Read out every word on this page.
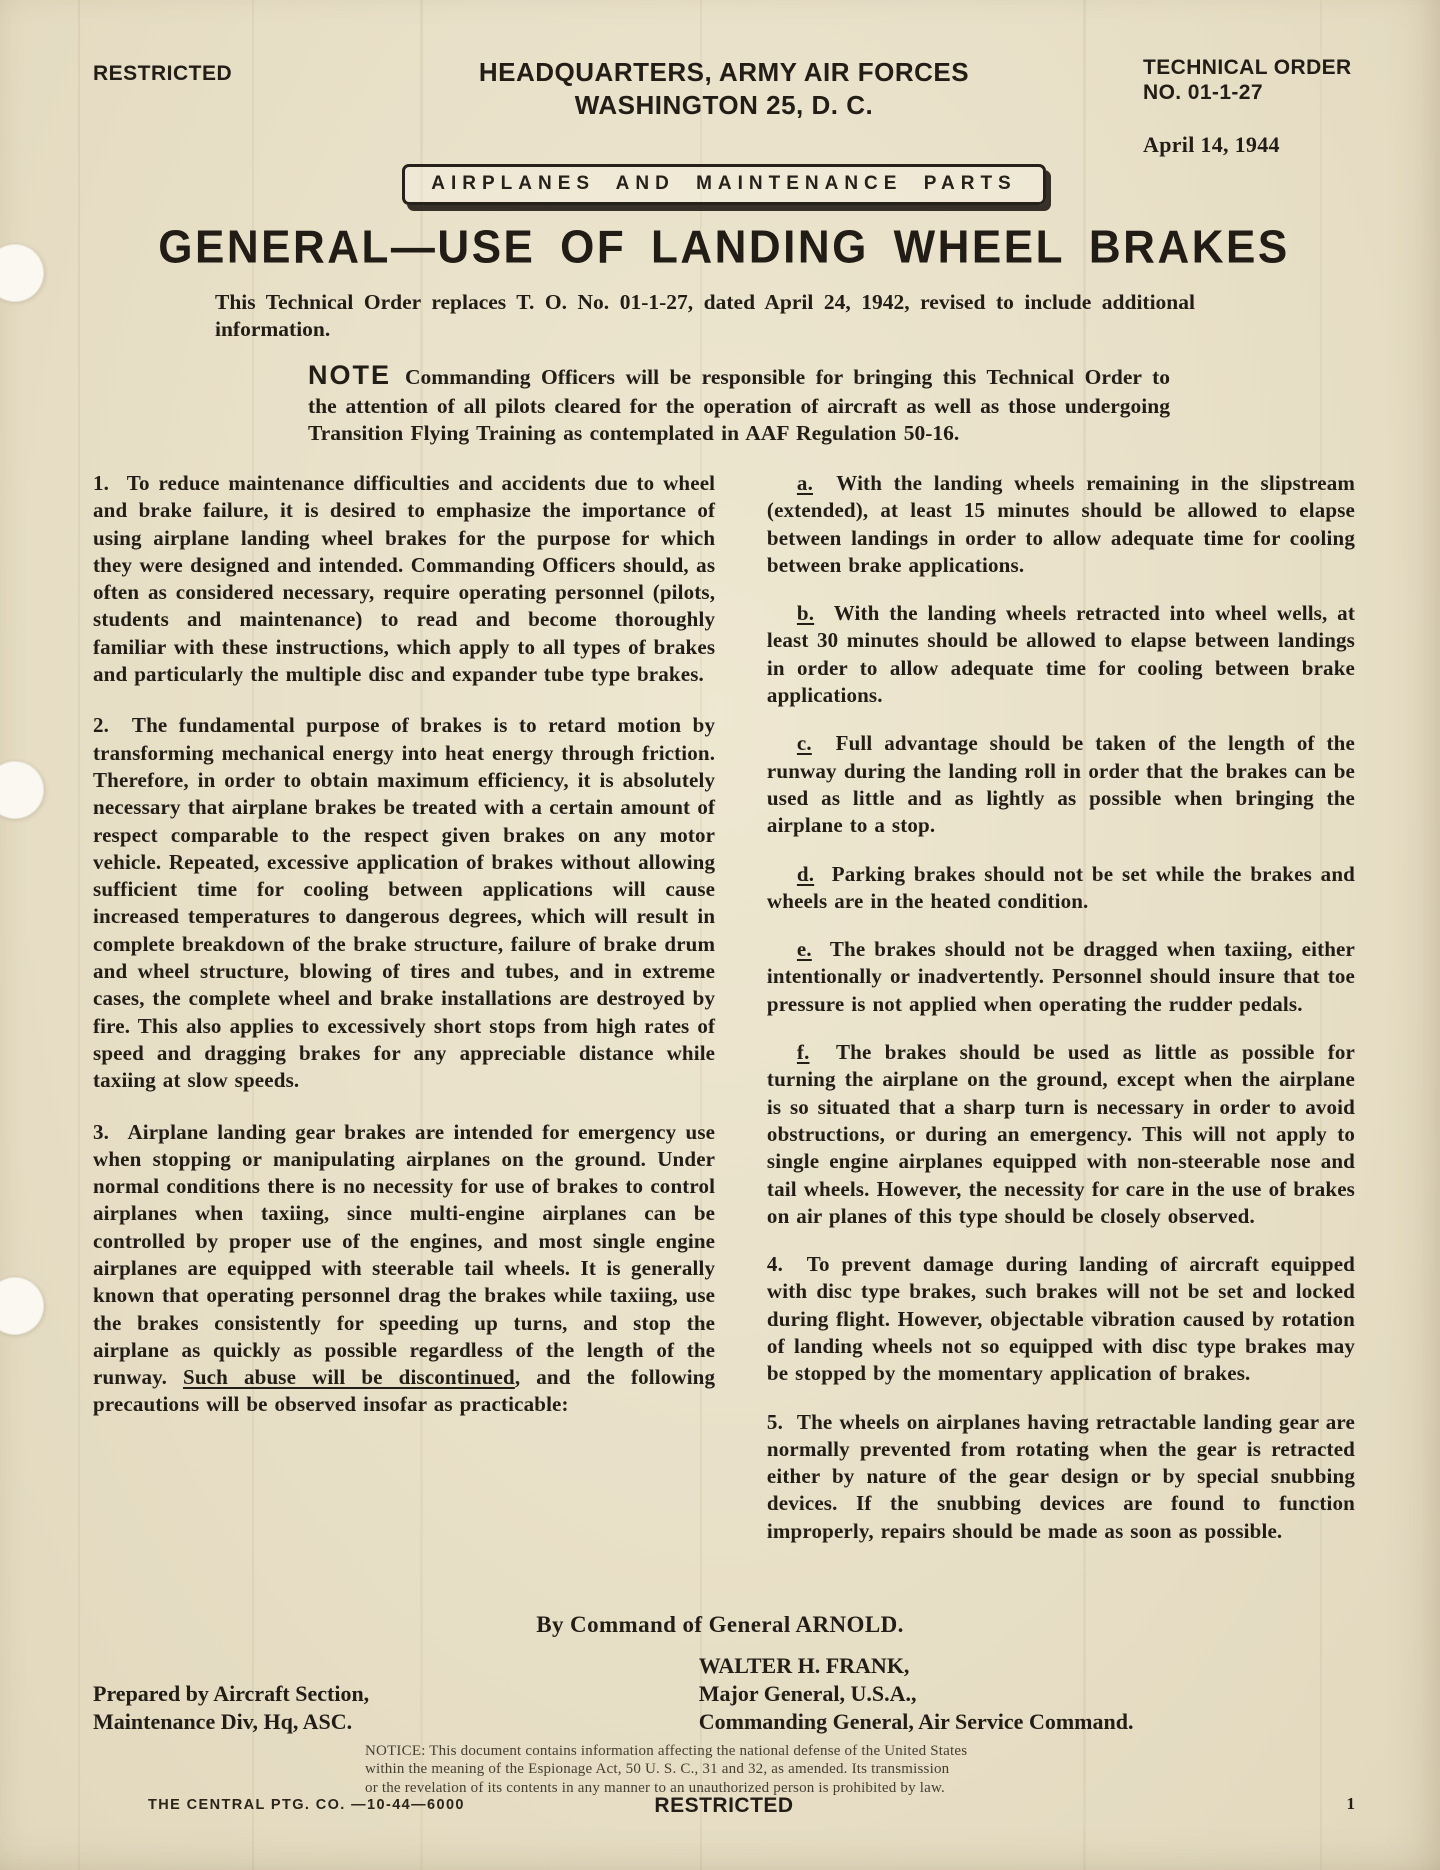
RESTRICTED	HEADQUARTERS, ARMY AIR FORCES
WASHINGTON 25, D. C.
TECHNICAL ORDER
NO. 01-1-27
April 14, 1944
AIRPLANES AND MAINTENANCE PARTS
GENERAL—USE OF LANDING WHEEL BRAKES

This Technical Order replaces T. O. No. 01-1-27, dated April 24, 1942, revised to include additional information.

NOTE Commanding Officers will be responsible for bringing this Technical Order to the attention of all pilots cleared for the operation of aircraft as well as those undergoing Transition Flying Training as contemplated in AAF Regulation 50-16.

1. To reduce maintenance difficulties and accidents due to wheel and brake failure, it is desired to emphasize the importance of using airplane landing wheel brakes for the purpose for which they were designed and intended. Commanding Officers should, as often as considered necessary, require operating personnel (pilots, students and maintenance) to read and become thoroughly familiar with these instructions, which apply to all types of brakes and particularly the multiple disc and expander tube type brakes.

2. The fundamental purpose of brakes is to retard motion by transforming mechanical energy into heat energy through friction. Therefore, in order to obtain maximum efficiency, it is absolutely necessary that airplane brakes be treated with a certain amount of respect comparable to the respect given brakes on any motor vehicle. Repeated, excessive application of brakes without allowing sufficient time for cooling between applications will cause increased temperatures to dangerous degrees, which will result in complete breakdown of the brake structure, failure of brake drum and wheel structure, blowing of tires and tubes, and in extreme cases, the complete wheel and brake installations are destroyed by fire. This also applies to excessively short stops from high rates of speed and dragging brakes for any appreciable distance while taxiing at slow speeds.

3. Airplane landing gear brakes are intended for emergency use when stopping or manipulating airplanes on the ground. Under normal conditions there is no necessity for use of brakes to control airplanes when taxiing, since multi-engine airplanes can be controlled by proper use of the engines, and most single engine airplanes are equipped with steerable tail wheels. It is generally known that operating personnel drag the brakes while taxiing, use the brakes consistently for speeding up turns, and stop the airplane as quickly as possible regardless of the length of the runway. Such abuse will be discontinued, and the following precautions will be observed insofar as practicable:

a. With the landing wheels remaining in the slipstream (extended), at least 15 minutes should be allowed to elapse between landings in order to allow adequate time for cooling between brake applications.

b. With the landing wheels retracted into wheel wells, at least 30 minutes should be allowed to elapse between landings in order to allow adequate time for cooling between brake applications.

c. Full advantage should be taken of the length of the runway during the landing roll in order that the brakes can be used as little and as lightly as possible when bringing the airplane to a stop.

d. Parking brakes should not be set while the brakes and wheels are in the heated condition.

e. The brakes should not be dragged when taxiing, either intentionally or inadvertently. Personnel should insure that toe pressure is not applied when operating the rudder pedals.

f. The brakes should be used as little as possible for turning the airplane on the ground, except when the airplane is so situated that a sharp turn is necessary in order to avoid obstructions, or during an emergency. This will not apply to single engine airplanes equipped with non-steerable nose and tail wheels. However, the necessity for care in the use of brakes on air planes of this type should be closely observed.

4. To prevent damage during landing of aircraft equipped with disc type brakes, such brakes will not be set and locked during flight. However, objectable vibration caused by rotation of landing wheels not so equipped with disc type brakes may be stopped by the momentary application of brakes.

5. The wheels on airplanes having retractable landing gear are normally prevented from rotating when the gear is retracted either by nature of the gear design or by special snubbing devices. If the snubbing devices are found to function improperly, repairs should be made as soon as possible.

By Command of General ARNOLD.
Prepared by Aircraft Section,
Maintenance Div, Hq, ASC.
WALTER H. FRANK,
Major General, U.S.A.,
Commanding General, Air Service Command.
NOTICE: This document contains information affecting the national defense of the United States
within the meaning of the Espionage Act, 50 U. S. C., 31 and 32, as amended. Its transmission
or the revelation of its contents in any manner to an unauthorized person is prohibited by law.
THE CENTRAL PTG. CO. —10-44—6000	RESTRICTED	1
